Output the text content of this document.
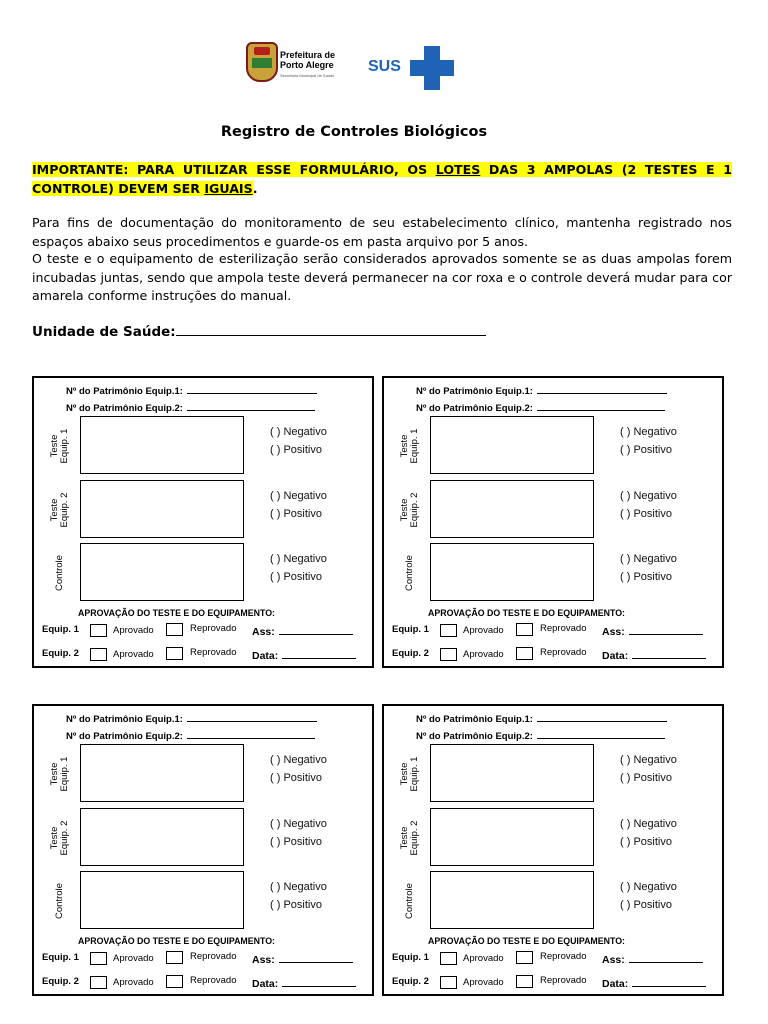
Prefeitura de Porto Alegre
Secretaria Municipal de Saúde
SUS
Registro de Controles Biológicos
IMPORTANTE: PARA UTILIZAR ESSE FORMULÁRIO, OS LOTES DAS 3 AMPOLAS (2 TESTES E 1 CONTROLE) DEVEM SER IGUAIS.
Para fins de documentação do monitoramento de seu estabelecimento clínico, mantenha registrado nos espaços abaixo seus procedimentos e guarde-os em pasta arquivo por 5 anos.
O teste e o equipamento de esterilização serão considerados aprovados somente se as duas ampolas forem incubadas juntas, sendo que ampola teste deverá permanecer na cor roxa e o controle deverá mudar para cor amarela conforme instruções do manual.
Unidade de Saúde:
Nº do Patrimônio Equip.1:
Nº do Patrimônio Equip.2:
Teste
Equip. 1	( ) Negativo
( ) Positivo
Teste
Equip. 2	( ) Negativo
( ) Positivo
Controle	( ) Negativo
( ) Positivo
APROVAÇÃO DO TESTE E DO EQUIPAMENTO:
Equip. 1	Aprovado	Reprovado Ass:
Equip. 2	Aprovado	Reprovado Data:
Nº do Patrimônio Equip.1:
Nº do Patrimônio Equip.2:
Teste
Equip. 1	( ) Negativo
( ) Positivo
Teste
Equip. 2	( ) Negativo
( ) Positivo
Controle	( ) Negativo
( ) Positivo
APROVAÇÃO DO TESTE E DO EQUIPAMENTO:
Equip. 1	Aprovado	Reprovado Ass:
Equip. 2	Aprovado	Reprovado Data:
Nº do Patrimônio Equip.1:
Nº do Patrimônio Equip.2:
Teste
Equip. 1	( ) Negativo
( ) Positivo
Teste
Equip. 2	( ) Negativo
( ) Positivo
Controle	( ) Negativo
( ) Positivo
APROVAÇÃO DO TESTE E DO EQUIPAMENTO:
Equip. 1	Aprovado	Reprovado Ass:
Equip. 2	Aprovado	Reprovado Data:
Nº do Patrimônio Equip.1:
Nº do Patrimônio Equip.2:
Teste
Equip. 1	( ) Negativo
( ) Positivo
Teste
Equip. 2	( ) Negativo
( ) Positivo
Controle	( ) Negativo
( ) Positivo
APROVAÇÃO DO TESTE E DO EQUIPAMENTO:
Equip. 1	Aprovado	Reprovado Ass:
Equip. 2	Aprovado	Reprovado Data:
